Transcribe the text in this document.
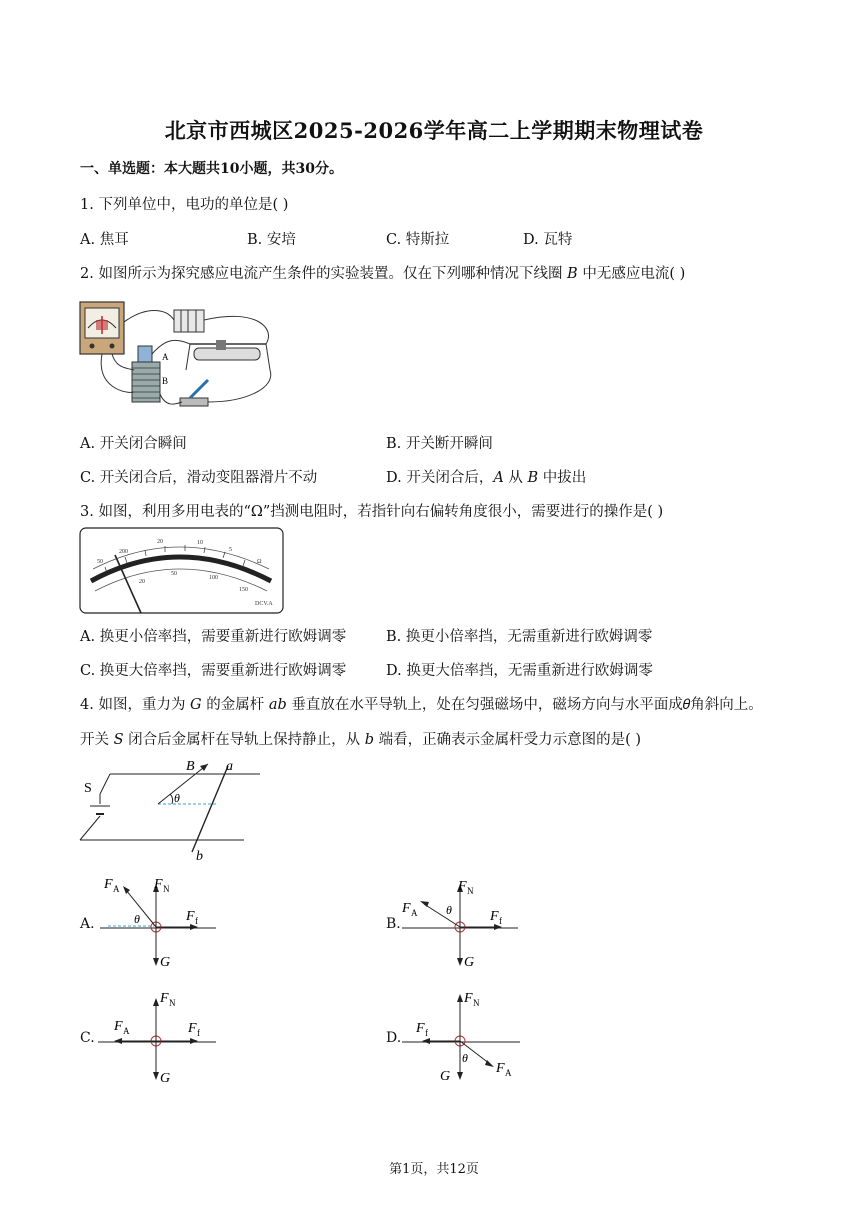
北京市西城区2025-2026学年高二上学期期末物理试卷
一、单选题：本大题共10小题，共30分。
1. 下列单位中，电功的单位是( )
A. 焦耳	B. 安培	C. 特斯拉	D. 瓦特
2. 如图所示为探究感应电流产生条件的实验装置。仅在下列哪种情况下线圈 𝐵 中无感应电流( )
A
B
A. 开关闭合瞬间	B. 开关断开瞬间
C. 开关闭合后，滑动变阻器滑片不动	D. 开关闭合后，𝐴 从 𝐵 中拔出
3. 如图，利用多用电表的“Ω”挡测电阻时，若指针向右偏转角度很小，需要进行的操作是( )
50
200
20	10
5
Ω
20
50
100
150
DCV.A
A. 换更小倍率挡，需要重新进行欧姆调零	B. 换更小倍率挡，无需重新进行欧姆调零
C. 换更大倍率挡，需要重新进行欧姆调零	D. 换更大倍率挡，无需重新进行欧姆调零
4. 如图，重力为 𝐺 的金属杆 𝑎𝑏 垂直放在水平导轨上，处在匀强磁场中，磁场方向与水平面成𝜃角斜向上。
开关 𝑆 闭合后金属杆在导轨上保持静止，从 𝑏 端看，正确表示金属杆受力示意图的是( )
S
a
b
B
θ
A.
F A F N
F f
G
θ	B.
F A
F N
F f
G
θ
C.
F A
F N
F f
G
D.
F f
F N
F A
G
θ
第1页，共12页
